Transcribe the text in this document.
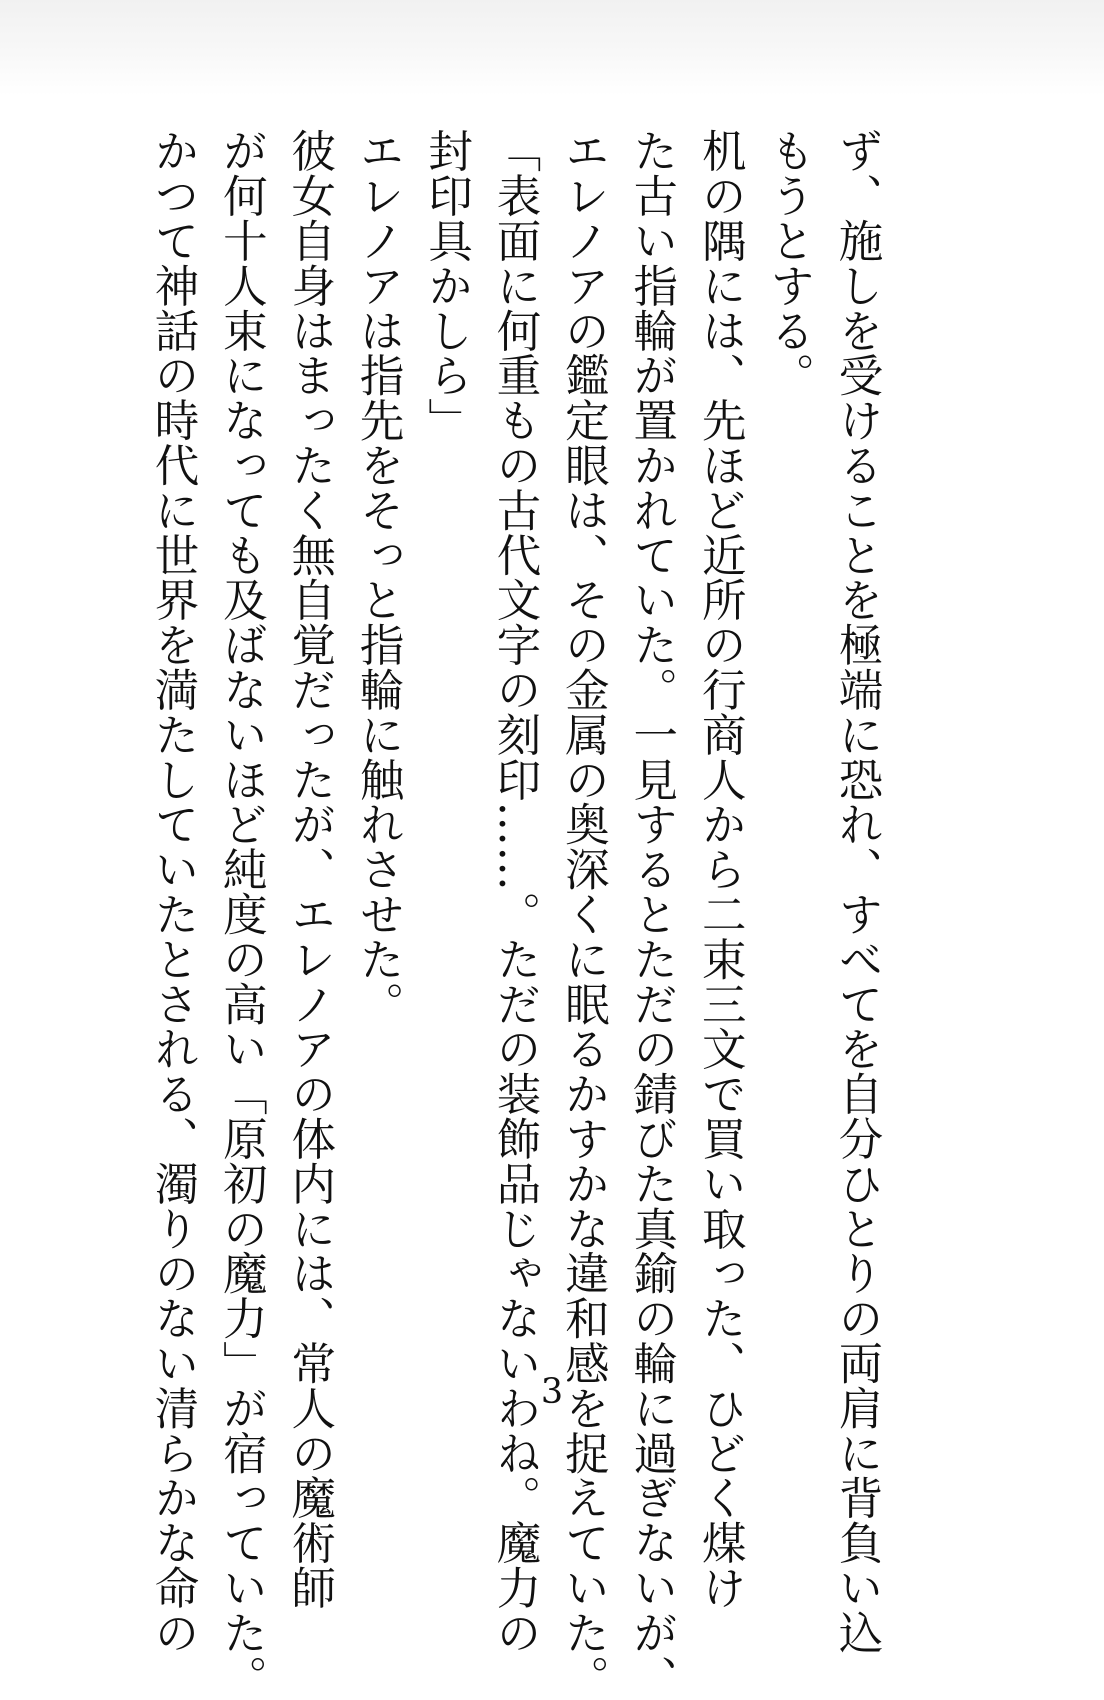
ず、施しを受けることを極端に恐れ、すべてを自分ひとりの両肩に背負い込
もうとする。
机の隅には、先ほど近所の行商人から二束三文で買い取った、ひどく煤け
た古い指輪が置かれていた。一見するとただの錆びた真鍮の輪に過ぎないが、
エレノアの鑑定眼は、その金属の奥深くに眠るかすかな違和感を捉えていた。
「表面に何重もの古代文字の刻印……。ただの装飾品じゃないわね。魔力の
封印具かしら」
エレノアは指先をそっと指輪に触れさせた。
彼女自身はまったく無自覚だったが、エレノアの体内には、常人の魔術師
が何十人束になっても及ばないほど純度の高い「原初の魔力」が宿っていた。
かつて神話の時代に世界を満たしていたとされる、濁りのない清らかな命の	3
